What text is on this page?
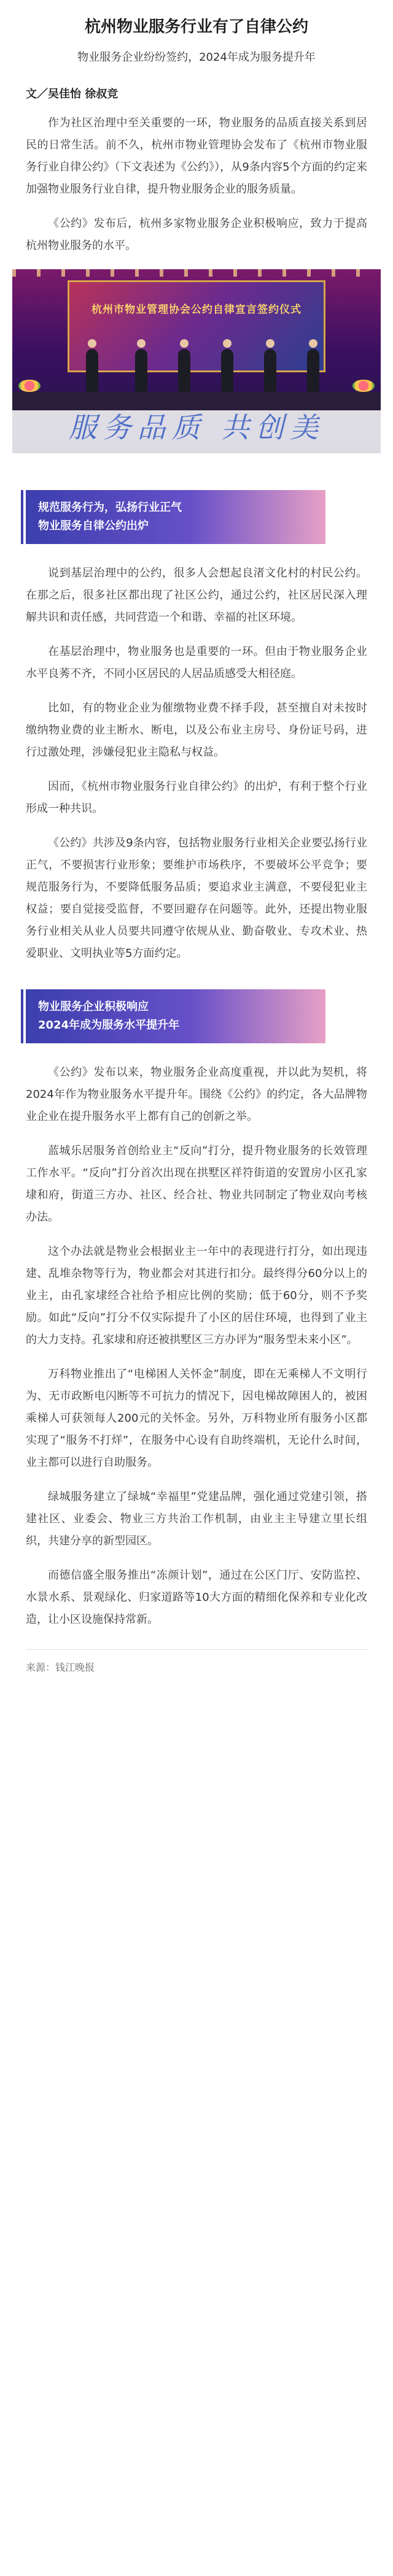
杭州物业服务行业有了自律公约
物业服务企业纷纷签约，2024年成为服务提升年
文／吴佳怡 徐叔竞

作为社区治理中至关重要的一环，物业服务的品质直接关系到居民的日常生活。前不久，杭州市物业管理协会发布了《杭州市物业服务行业自律公约》（下文表述为《公约》），从9条内容5个方面的约定来加强物业服务行业自律，提升物业服务企业的服务质量。

《公约》发布后，杭州多家物业服务企业积极响应，致力于提高杭州物业服务的水平。

杭州市物业管理协会公约自律宣言签约仪式
服务品质 共创美
规范服务行为，弘扬行业正气
物业服务自律公约出炉

说到基层治理中的公约，很多人会想起良渚文化村的村民公约。在那之后，很多社区都出现了社区公约，通过公约，社区居民深入理解共识和责任感，共同营造一个和谐、幸福的社区环境。

在基层治理中，物业服务也是重要的一环。但由于物业服务企业水平良莠不齐，不同小区居民的人居品质感受大相径庭。

比如，有的物业企业为催缴物业费不择手段，甚至擅自对未按时缴纳物业费的业主断水、断电，以及公布业主房号、身份证号码，进行过激处理，涉嫌侵犯业主隐私与权益。

因而，《杭州市物业服务行业自律公约》的出炉，有利于整个行业形成一种共识。

《公约》共涉及9条内容，包括物业服务行业相关企业要弘扬行业正气，不要损害行业形象；要维护市场秩序，不要破坏公平竞争；要规范服务行为，不要降低服务品质；要追求业主满意，不要侵犯业主权益；要自觉接受监督，不要回避存在问题等。此外，还提出物业服务行业相关从业人员要共同遵守依规从业、勤奋敬业、专攻术业、热爱职业、文明执业等5方面约定。

物业服务企业积极响应
2024年成为服务水平提升年

《公约》发布以来，物业服务企业高度重视，并以此为契机，将2024年作为物业服务水平提升年。围绕《公约》的约定，各大品牌物业企业在提升服务水平上都有自己的创新之举。

蓝城乐居服务首创给业主“反向”打分，提升物业服务的长效管理工作水平。“反向”打分首次出现在拱墅区祥符街道的安置房小区孔家埭和府，街道三方办、社区、经合社、物业共同制定了物业双向考核办法。

这个办法就是物业会根据业主一年中的表现进行打分，如出现违建、乱堆杂物等行为，物业都会对其进行扣分。最终得分60分以上的业主，由孔家埭经合社给予相应比例的奖励；低于60分，则不予奖励。如此“反向”打分不仅实际提升了小区的居住环境，也得到了业主的大力支持。孔家埭和府还被拱墅区三方办评为“服务型未来小区”。

万科物业推出了“电梯困人关怀金”制度，即在无乘梯人不文明行为、无市政断电闪断等不可抗力的情况下，因电梯故障困人的，被困乘梯人可获领每人200元的关怀金。另外，万科物业所有服务小区都实现了“服务不打烊”，在服务中心设有自助终端机，无论什么时间，业主都可以进行自助服务。

绿城服务建立了绿城“幸福里”党建品牌，强化通过党建引领，搭建社区、业委会、物业三方共治工作机制，由业主主导建立里长组织，共建分享的新型园区。

而德信盛全服务推出“冻颜计划”，通过在公区门厅、安防监控、水景水系、景观绿化、归家道路等10大方面的精细化保养和专业化改造，让小区设施保持常新。

来源：钱江晚报
